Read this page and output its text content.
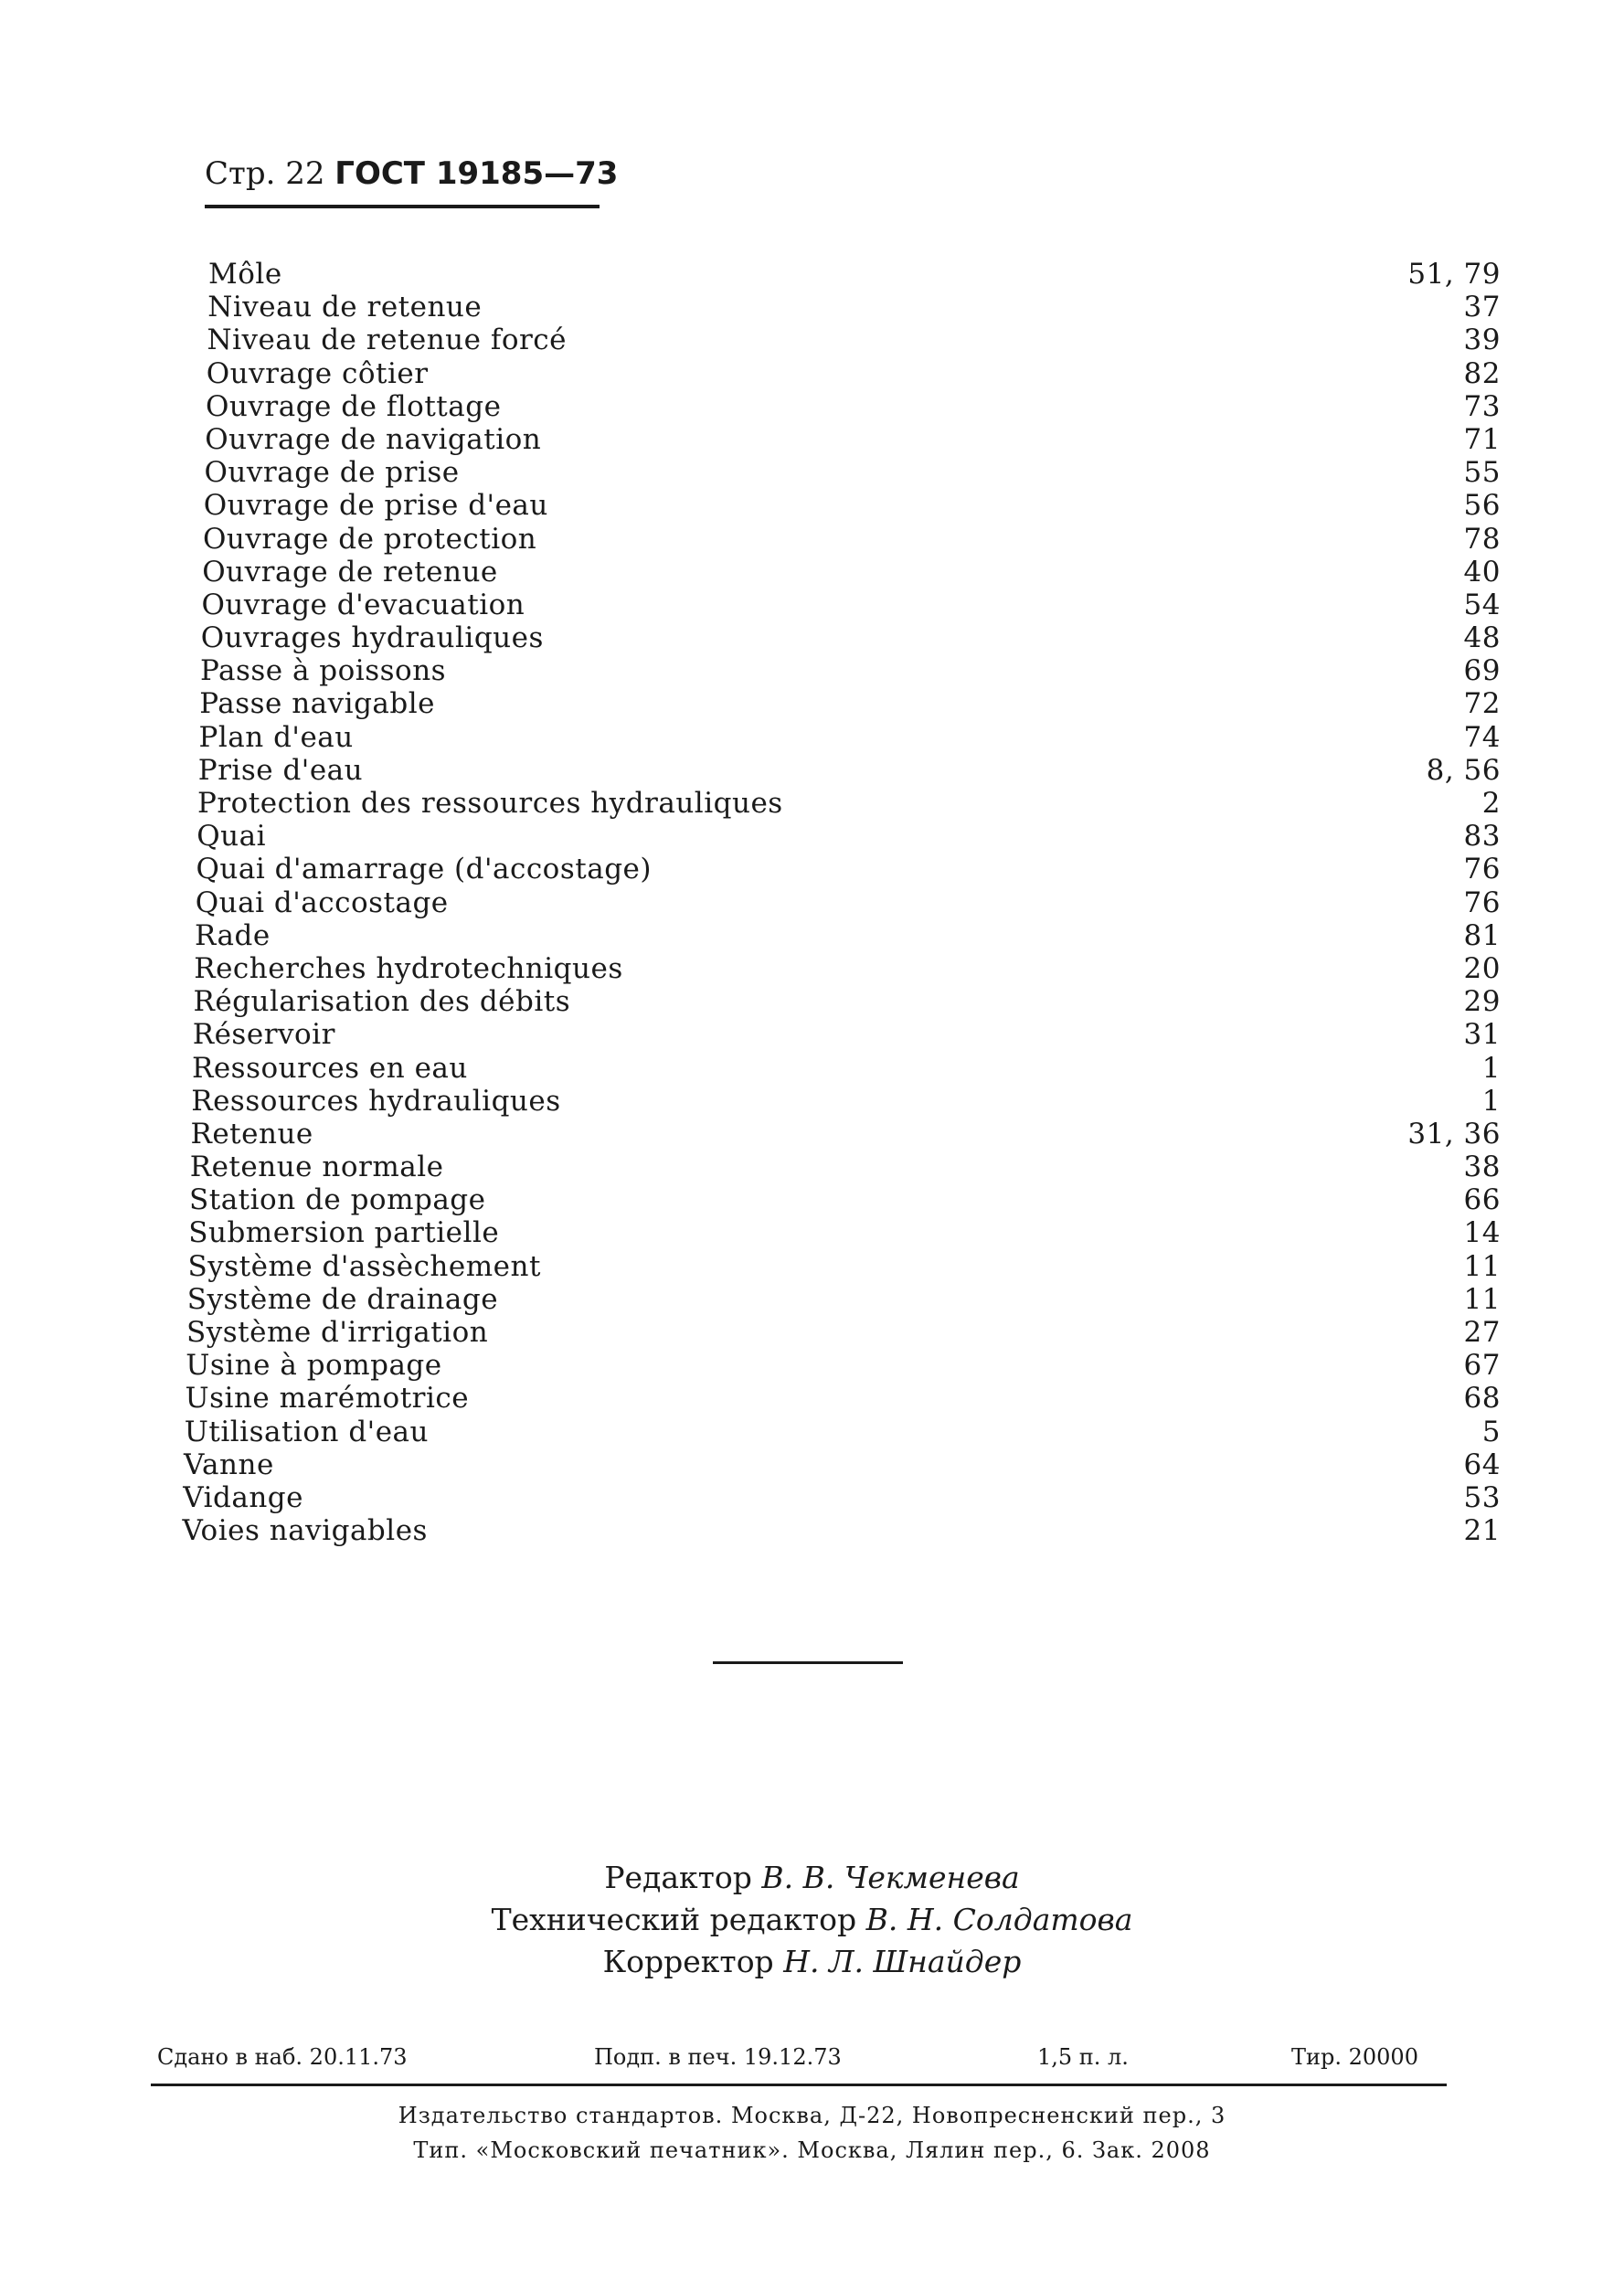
Стр. 22 ГОСТ 19185—73
Môle	51, 79
Niveau de retenue	37
Niveau de retenue forcé	39
Ouvrage côtier	82
Ouvrage de flottage	73
Ouvrage de navigation	71
Ouvrage de prise	55
Ouvrage de prise d'eau	56
Ouvrage de protection	78
Ouvrage de retenue	40
Ouvrage d'evacuation	54
Ouvrages hydrauliques	48
Passe à poissons	69
Passe navigable	72
Plan d'eau	74
Prise d'eau	8, 56
Protection des ressources hydrauliques	2
Quai	83
Quai d'amarrage (d'accostage)	76
Quai d'accostage	76
Rade	81
Recherches hydrotechniques	20
Régularisation des débits	29
Réservoir	31
Ressources en eau	1
Ressources hydrauliques	1
Retenue	31, 36
Retenue normale	38
Station de pompage	66
Submersion partielle	14
Système d'assèchement	11
Système de drainage	11
Système d'irrigation	27
Usine à pompage	67
Usine marémotrice	68
Utilisation d'eau	5
Vanne	64
Vidange	53
Voies navigables	21
Редактор В. В. Чекменева
Технический редактор В. Н. Солдатова
Корректор Н. Л. Шнайдер
Сдано в наб. 20.11.73	Подп. в печ. 19.12.73	1,5 п. л.	Тир. 20000
Издательство стандартов. Москва, Д-22, Новопресненский пер., 3
Тип. «Московский печатник». Москва, Лялин пер., 6. Зак. 2008
